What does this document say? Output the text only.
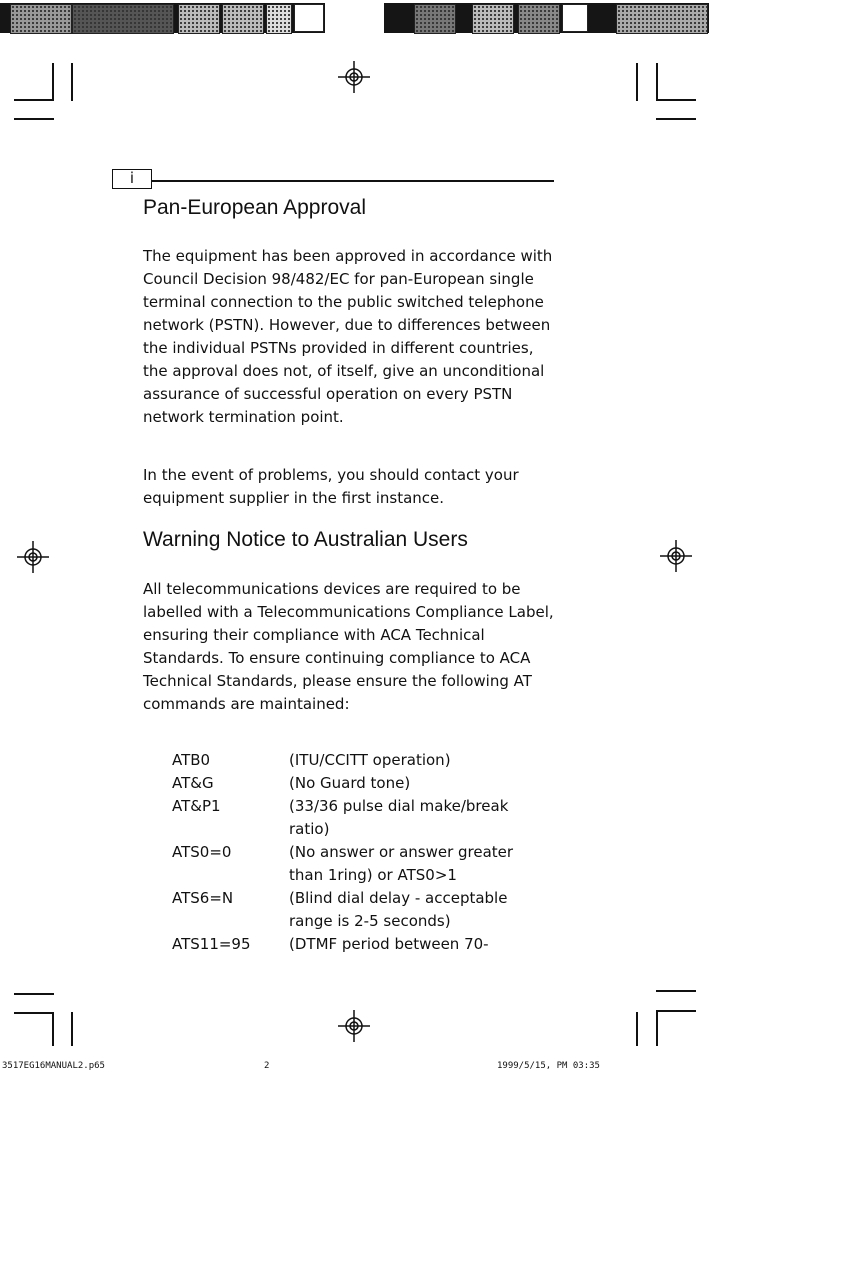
i
Pan-European Approval

The equipment has been approved in accordance with Council Decision 98/482/EC for pan-European single terminal connection to the public switched telephone network (PSTN). However, due to differences between the individual PSTNs provided in different countries, the approval does not, of itself, give an unconditional assurance of successful operation on every PSTN network termination point.

In the event of problems, you should contact your equipment supplier in the first instance.

Warning Notice to Australian Users

All telecommunications devices are required to be labelled with a Telecommunications Compliance Label, ensuring their compliance with ACA Technical Standards. To ensure continuing compliance to ACA Technical Standards, please ensure the following AT commands are maintained:

ATB0	(ITU/CCITT operation)
AT&G	(No Guard tone)
AT&P1	(33/36 pulse dial make/break ratio)
ATS0=0	(No answer or answer greater than 1ring) or ATS0>1
ATS6=N	(Blind dial delay - acceptable range is 2-5 seconds)
ATS11=95	(DTMF period between 70-
3517EG16MANUAL2.p65	2	1999/5/15, PM 03:35
